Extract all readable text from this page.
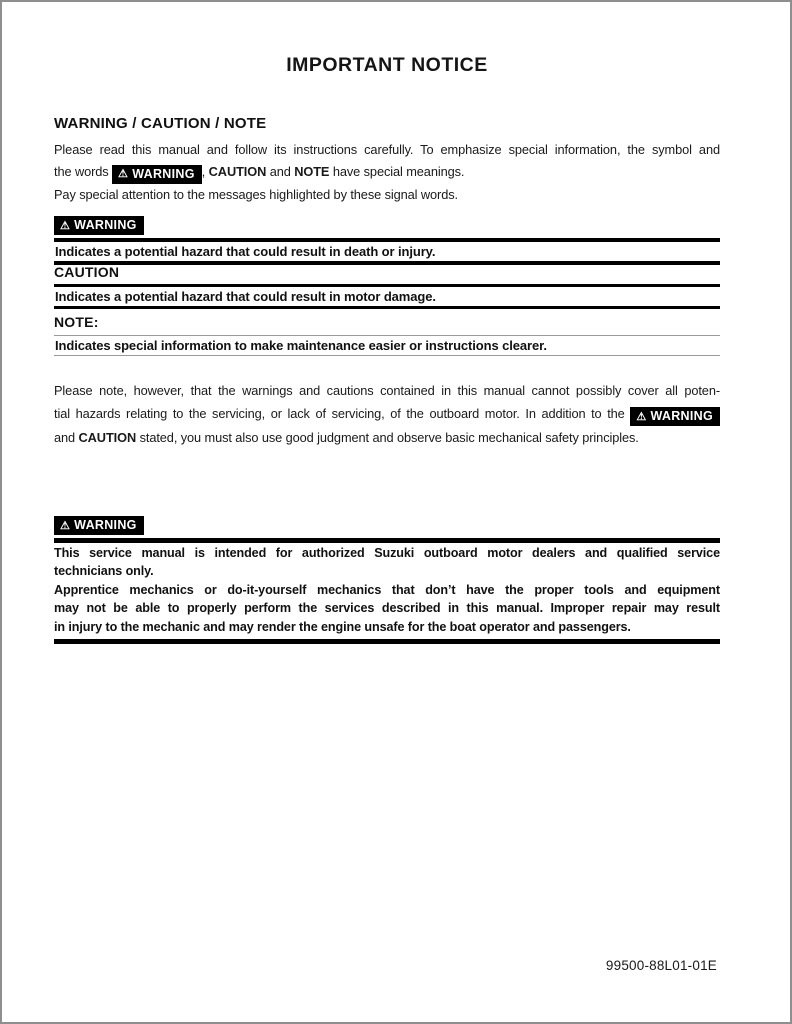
IMPORTANT NOTICE
WARNING / CAUTION / NOTE
Please read this manual and follow its instructions carefully. To emphasize special information, the symbol and
the words ⚠ WARNING , CAUTION and NOTE have special meanings.
Pay special attention to the messages highlighted by these signal words.
⚠ WARNING
Indicates a potential hazard that could result in death or injury.
CAUTION
Indicates a potential hazard that could result in motor damage.
NOTE:
Indicates special information to make maintenance easier or instructions clearer.
Please note, however, that the warnings and cautions contained in this manual cannot possibly cover all poten-
tial hazards relating to the servicing, or lack of servicing, of the outboard motor. In addition to the ⚠ WARNING
and CAUTION stated, you must also use good judgment and observe basic mechanical safety principles.
⚠ WARNING
This service manual is intended for authorized Suzuki outboard motor dealers and qualified service
technicians only.
Apprentice mechanics or do-it-yourself mechanics that don’t have the proper tools and equipment
may not be able to properly perform the services described in this manual. Improper repair may result
in injury to the mechanic and may render the engine unsafe for the boat operator and passengers.
99500-88L01-01E
